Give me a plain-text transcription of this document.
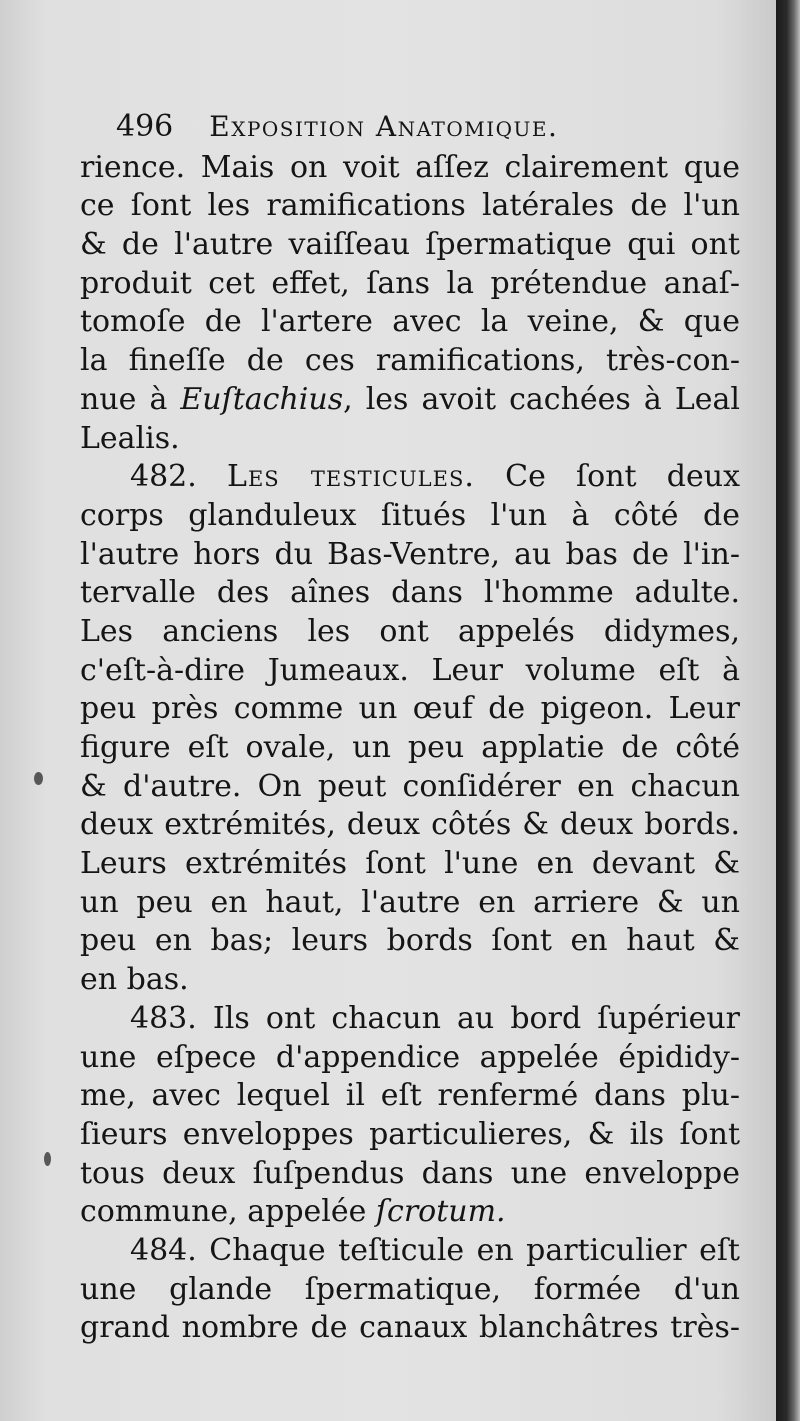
496 Exposition Anatomique.
rience. Mais on voit aſſez clairement que
ce ſont les ramifications latérales de l'un
& de l'autre vaiſſeau ſpermatique qui ont
produit cet effet, ſans la prétendue anaſ-
tomoſe de l'artere avec la veine, & que
la fineſſe de ces ramifications, très-con-
nue à Euſtachius, les avoit cachées à Leal
Lealis.
482. Les testicules. Ce ſont deux
corps glanduleux ſitués l'un à côté de
l'autre hors du Bas-Ventre, au bas de l'in-
tervalle des aînes dans l'homme adulte.
Les anciens les ont appelés didymes,
c'eſt-à-dire Jumeaux. Leur volume eſt à
peu près comme un œuf de pigeon. Leur
figure eſt ovale, un peu applatie de côté
& d'autre. On peut conſidérer en chacun
deux extrémités, deux côtés & deux bords.
Leurs extrémités ſont l'une en devant &
un peu en haut, l'autre en arriere & un
peu en bas; leurs bords ſont en haut &
en bas.
483. Ils ont chacun au bord ſupérieur
une eſpece d'appendice appelée épididy-
me, avec lequel il eſt renfermé dans plu-
ſieurs enveloppes particulieres, & ils ſont
tous deux ſuſpendus dans une enveloppe
commune, appelée ſcrotum.
484. Chaque teſticule en particulier eſt
une glande ſpermatique, formée d'un
grand nombre de canaux blanchâtres très-
